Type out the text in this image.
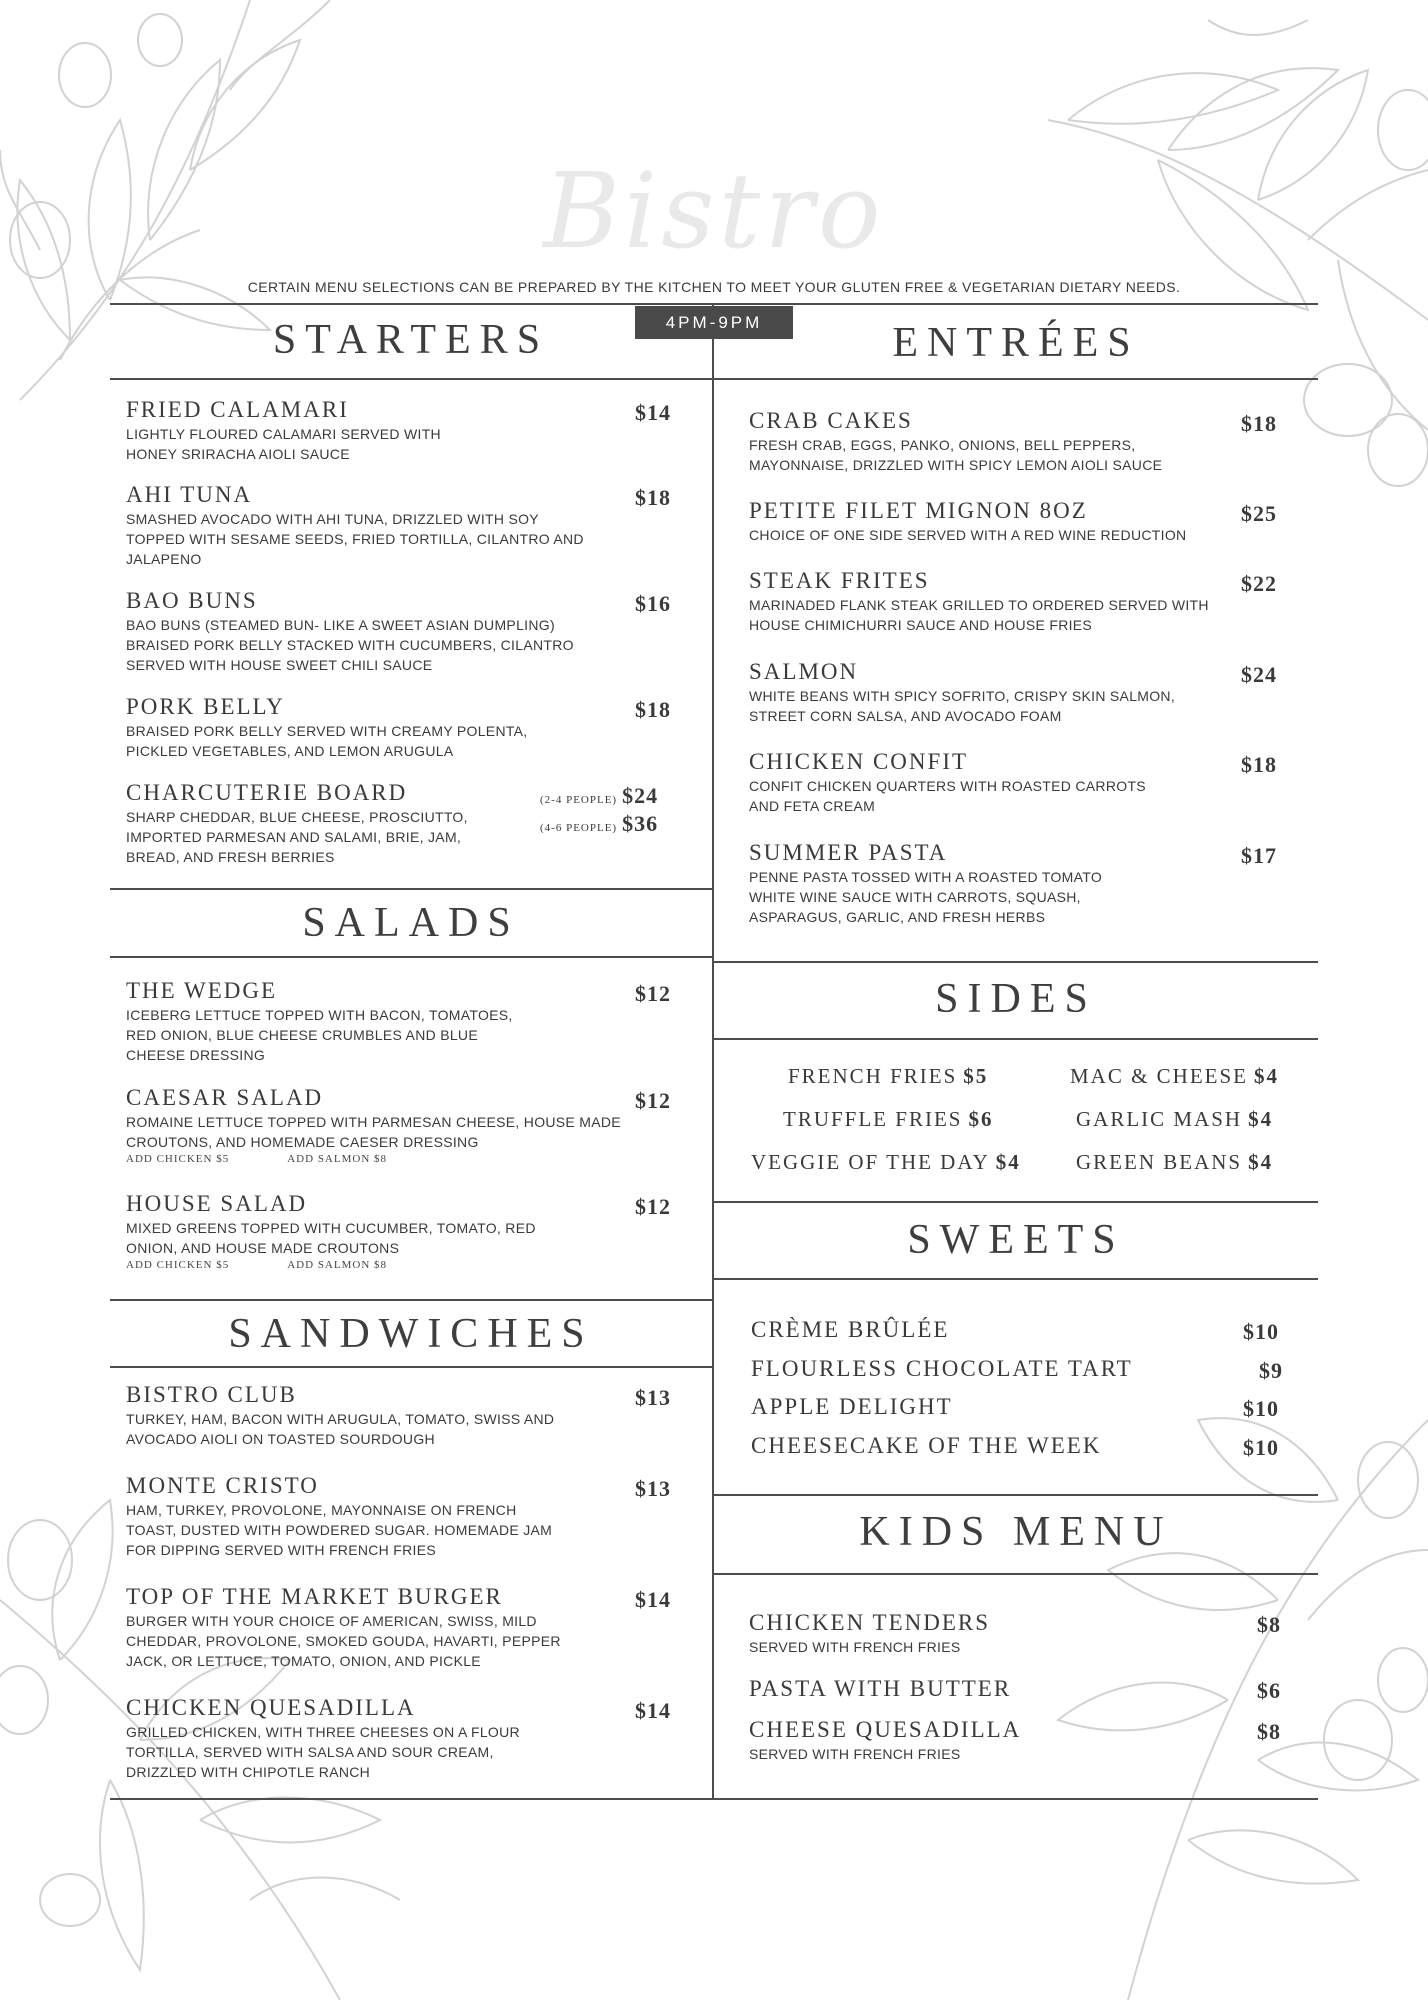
Bistro
CERTAIN MENU SELECTIONS CAN BE PREPARED BY THE KITCHEN TO MEET YOUR GLUTEN FREE & VEGETARIAN DIETARY NEEDS.
4PM-9PM
STARTERS
FRIED CALAMARI
LIGHTLY FLOURED CALAMARI SERVED WITH HONEY SRIRACHA AIOLI SAUCE
$14
AHI TUNA
SMASHED AVOCADO WITH AHI TUNA, DRIZZLED WITH SOY TOPPED WITH SESAME SEEDS, FRIED TORTILLA, CILANTRO AND JALAPENO
$18
BAO BUNS
BAO BUNS (STEAMED BUN- LIKE A SWEET ASIAN DUMPLING) BRAISED PORK BELLY STACKED WITH CUCUMBERS, CILANTRO SERVED WITH HOUSE SWEET CHILI SAUCE
$16
PORK BELLY
BRAISED PORK BELLY SERVED WITH CREAMY POLENTA, PICKLED VEGETABLES, AND LEMON ARUGULA
$18
CHARCUTERIE BOARD
SHARP CHEDDAR, BLUE CHEESE, PROSCIUTTO, IMPORTED PARMESAN AND SALAMI, BRIE, JAM, BREAD, AND FRESH BERRIES
(2-4 PEOPLE) $24
(4-6 PEOPLE) $36
SALADS
THE WEDGE
ICEBERG LETTUCE TOPPED WITH BACON, TOMATOES, RED ONION, BLUE CHEESE CRUMBLES AND BLUE CHEESE DRESSING
$12
CAESAR SALAD
ROMAINE LETTUCE TOPPED WITH PARMESAN CHEESE, HOUSE MADE CROUTONS, AND HOMEMADE CAESER DRESSING
ADD CHICKEN $5	ADD SALMON $8
$12
HOUSE SALAD
MIXED GREENS TOPPED WITH CUCUMBER, TOMATO, RED ONION, AND HOUSE MADE CROUTONS
ADD CHICKEN $5	ADD SALMON $8
$12
SANDWICHES
BISTRO CLUB
TURKEY, HAM, BACON WITH ARUGULA, TOMATO, SWISS AND AVOCADO AIOLI ON TOASTED SOURDOUGH
$13
MONTE CRISTO
HAM, TURKEY, PROVOLONE, MAYONNAISE ON FRENCH TOAST, DUSTED WITH POWDERED SUGAR. HOMEMADE JAM FOR DIPPING SERVED WITH FRENCH FRIES
$13
TOP OF THE MARKET BURGER
BURGER WITH YOUR CHOICE OF AMERICAN, SWISS, MILD CHEDDAR, PROVOLONE, SMOKED GOUDA, HAVARTI, PEPPER JACK, OR LETTUCE, TOMATO, ONION, AND PICKLE
$14
CHICKEN QUESADILLA
GRILLED CHICKEN, WITH THREE CHEESES ON A FLOUR TORTILLA, SERVED WITH SALSA AND SOUR CREAM, DRIZZLED WITH CHIPOTLE RANCH
$14
ENTRÉES
CRAB CAKES
FRESH CRAB, EGGS, PANKO, ONIONS, BELL PEPPERS, MAYONNAISE, DRIZZLED WITH SPICY LEMON AIOLI SAUCE
$18
PETITE FILET MIGNON 8OZ
CHOICE OF ONE SIDE SERVED WITH A RED WINE REDUCTION
$25
STEAK FRITES
MARINADED FLANK STEAK GRILLED TO ORDERED SERVED WITH HOUSE CHIMICHURRI SAUCE AND HOUSE FRIES
$22
SALMON
WHITE BEANS WITH SPICY SOFRITO, CRISPY SKIN SALMON, STREET CORN SALSA, AND AVOCADO FOAM
$24
CHICKEN CONFIT
CONFIT CHICKEN QUARTERS WITH ROASTED CARROTS AND FETA CREAM
$18
SUMMER PASTA
PENNE PASTA TOSSED WITH A ROASTED TOMATO WHITE WINE SAUCE WITH CARROTS, SQUASH, ASPARAGUS, GARLIC, AND FRESH HERBS
$17
SIDES
FRENCH FRIES $5	MAC & CHEESE $4
TRUFFLE FRIES $6	GARLIC MASH $4
VEGGIE OF THE DAY $4	GREEN BEANS $4
SWEETS
CRÈME BRÛLÉE	$10
FLOURLESS CHOCOLATE TART	$9
APPLE DELIGHT	$10
CHEESECAKE OF THE WEEK	$10
KIDS MENU
CHICKEN TENDERS
SERVED WITH FRENCH FRIES
$8
PASTA WITH BUTTER	$6
CHEESE QUESADILLA
SERVED WITH FRENCH FRIES
$8
